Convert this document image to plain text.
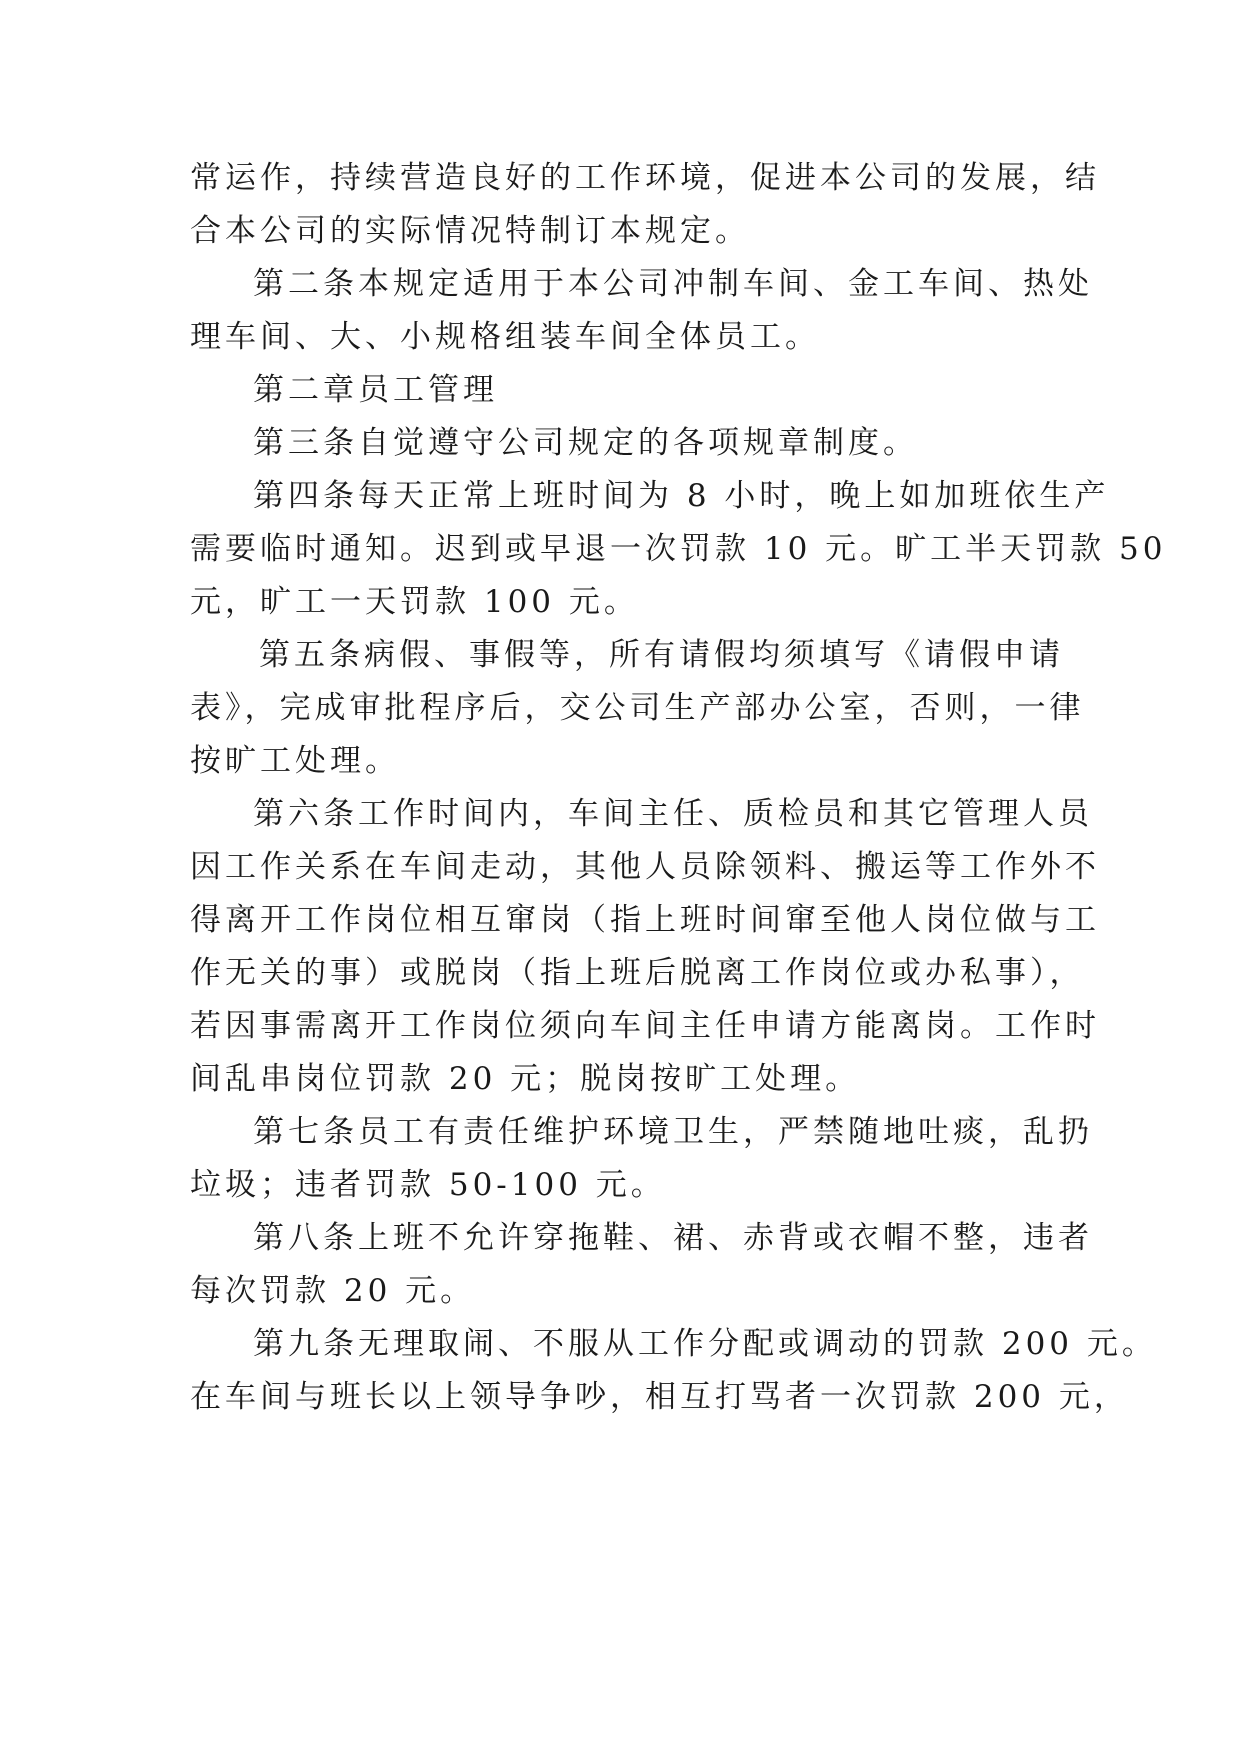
常运作，持续营造良好的工作环境，促进本公司的发展，结
合本公司的实际情况特制订本规定。
第二条本规定适用于本公司冲制车间、金工车间、热处
理车间、大、小规格组装车间全体员工。
第二章员工管理
第三条自觉遵守公司规定的各项规章制度。
第四条每天正常上班时间为 8 小时，晚上如加班依生产
需要临时通知。迟到或早退一次罚款 10 元。旷工半天罚款 50
元，旷工一天罚款 100 元。
第五条病假、事假等，所有请假均须填写《请假申请
表》，完成审批程序后，交公司生产部办公室，否则，一律
按旷工处理。
第六条工作时间内，车间主任、质检员和其它管理人员
因工作关系在车间走动，其他人员除领料、搬运等工作外不
得离开工作岗位相互窜岗（指上班时间窜至他人岗位做与工
作无关的事）或脱岗（指上班后脱离工作岗位或办私事），
若因事需离开工作岗位须向车间主任申请方能离岗。工作时
间乱串岗位罚款 20 元；脱岗按旷工处理。
第七条员工有责任维护环境卫生，严禁随地吐痰，乱扔
垃圾；违者罚款 50-100 元。
第八条上班不允许穿拖鞋、裙、赤背或衣帽不整，违者
每次罚款 20 元。
第九条无理取闹、不服从工作分配或调动的罚款 200 元。
在车间与班长以上领导争吵，相互打骂者一次罚款 200 元，
